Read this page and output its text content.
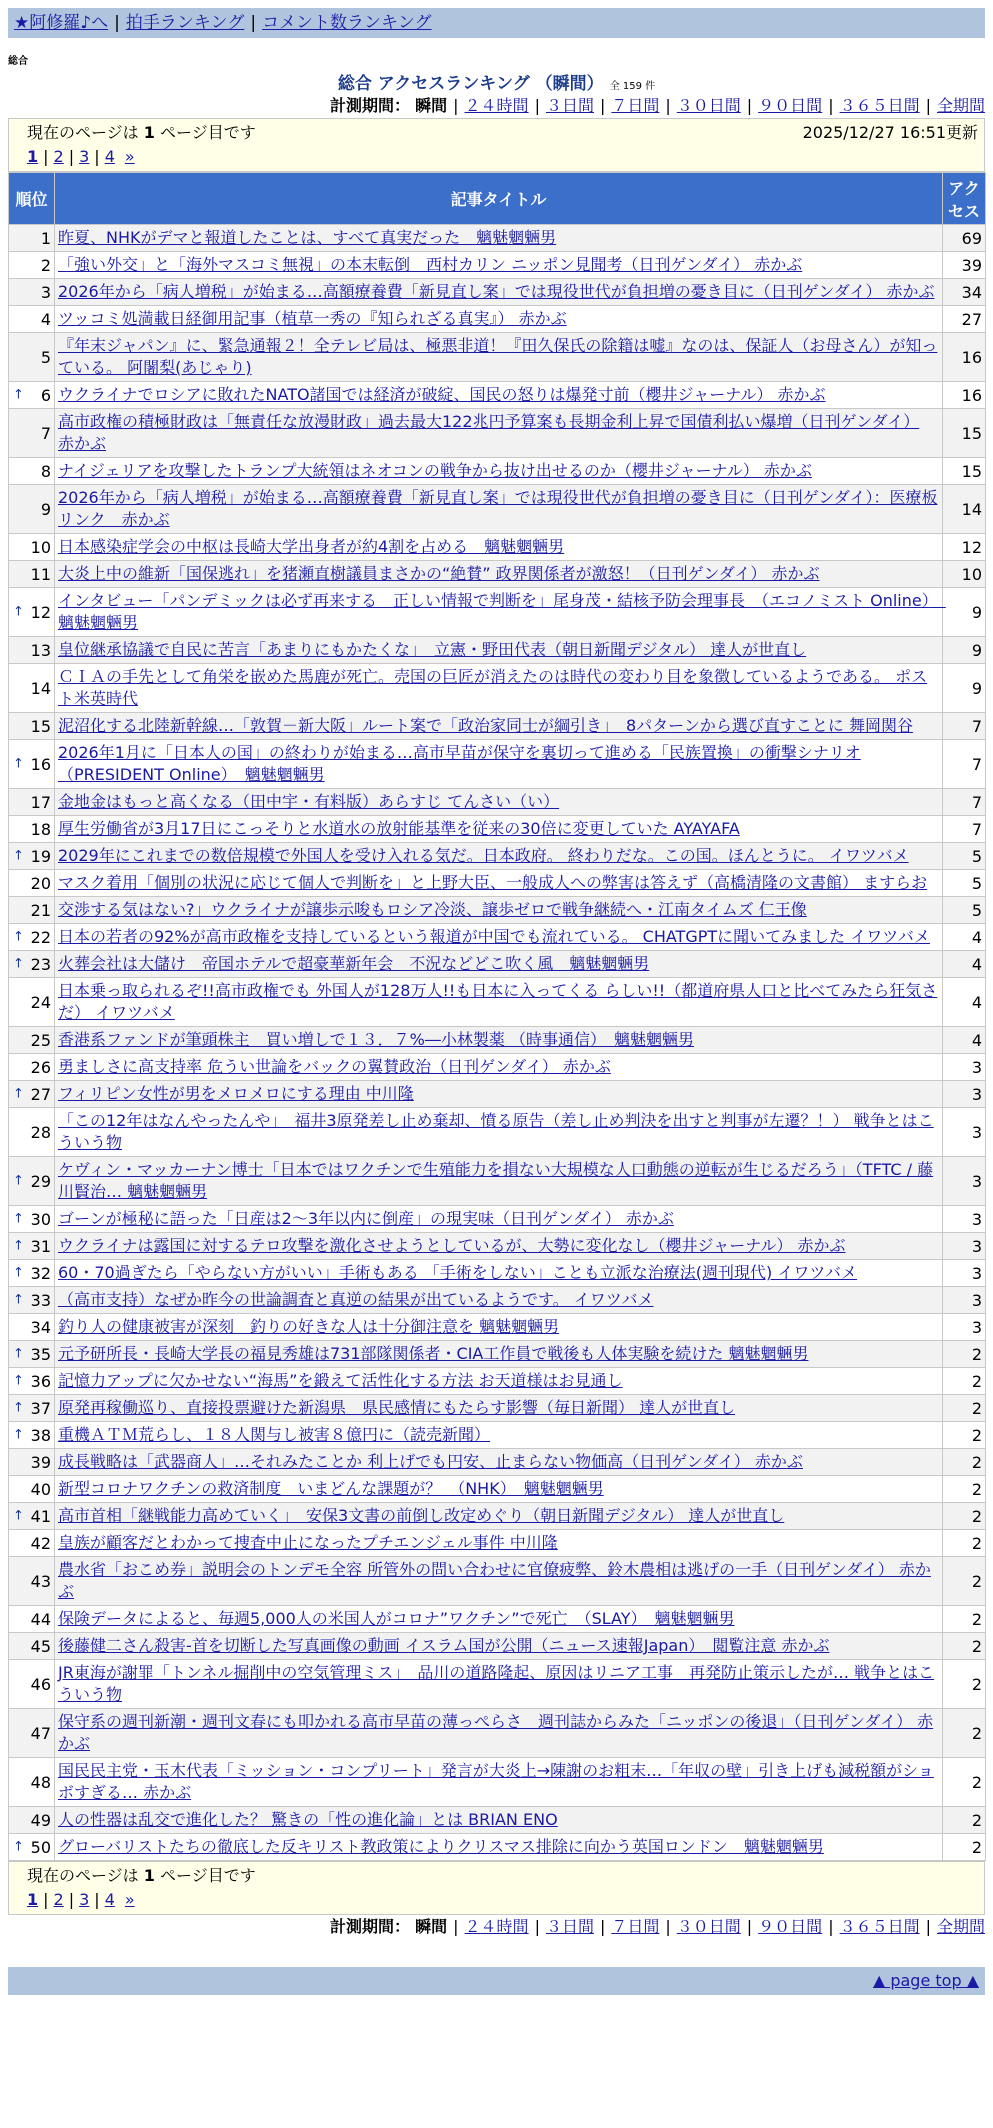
★阿修羅♪へ | 拍手ランキング | コメント数ランキング
総合
総合 アクセスランキング （瞬間） 全 159 件
計測期間： 瞬間 | ２４時間 | ３日間 | ７日間 | ３０日間 | ９０日間 | ３６５日間 | 全期間
現在のページは 1 ページ目です	2025/12/27 16:51更新
1 | 2 | 3 | 4 »
順位	記事タイトル	アクセス
1	昨夏、NHKがデマと報道したことは、すべて真実だった　魑魅魍魎男	69
2	「強い外交」と「海外マスコミ無視」の本末転倒　西村カリン ニッポン見聞考（日刊ゲンダイ） 赤かぶ	39
3	2026年から「病人増税」が始まる…高額療養費「新見直し案」では現役世代が負担増の憂き目に（日刊ゲンダイ） 赤かぶ	34
4	ツッコミ処満載日経御用記事（植草一秀の『知られざる真実』） 赤かぶ	27
5	『年末ジャパン』に、緊急通報２！全テレビ局は、極悪非道！『田久保氏の除籍は嘘』なのは、保証人（お母さん）が知っている。 阿闍梨(あじゃり)	16

↑ 6	ウクライナでロシアに敗れたNATO諸国では経済が破綻、国民の怒りは爆発寸前（櫻井ジャーナル） 赤かぶ	16
7	高市政権の積極財政は「無責任な放漫財政」過去最大122兆円予算案も長期金利上昇で国債利払い爆増（日刊ゲンダイ） 赤かぶ	15
8	ナイジェリアを攻撃したトランプ大統領はネオコンの戦争から抜け出せるのか（櫻井ジャーナル） 赤かぶ	15
9	2026年から「病人増税」が始まる…高額療養費「新見直し案」では現役世代が負担増の憂き目に（日刊ゲンダイ）：医療板リンク　赤かぶ	14
10	日本感染症学会の中枢は長崎大学出身者が約4割を占める　魑魅魍魎男	12
11	大炎上中の維新「国保逃れ」を猪瀬直樹議員まさかの“絶賛” 政界関係者が激怒！（日刊ゲンダイ） 赤かぶ	10

↑ 12	インタビュー「パンデミックは必ず再来する　正しい情報で判断を」尾身茂・結核予防会理事長　（エコノミスト Online）　魑魅魍魎男	9
13	皇位継承協議で自民に苦言「あまりにもかたくな」　立憲・野田代表（朝日新聞デジタル） 達人が世直し	9
14	ＣＩＡの手先として角栄を嵌めた馬鹿が死亡。売国の巨匠が消えたのは時代の変わり目を象徴しているようである。 ポスト米英時代	9
15	泥沼化する北陸新幹線…「敦賀－新大阪」ルート案で「政治家同士が綱引き」　8パターンから選び直すことに 舞岡関谷	7

↑ 16	2026年1月に「日本人の国」の終わりが始まる…高市早苗が保守を裏切って進める「民族置換」の衝撃シナリオ （PRESIDENT Online）　魑魅魍魎男	7
17	金地金はもっと高くなる（田中宇・有料版）あらすじ てんさい（い）	7
18	厚生労働省が3月17日にこっそりと水道水の放射能基準を従来の30倍に変更していた AYAYAFA	7

↑ 19	2029年にこれまでの数倍規模で外国人を受け入れる気だ。日本政府。 終わりだな。この国。ほんとうに。 イワツバメ	5
20	マスク着用「個別の状況に応じて個人で判断を」と上野大臣、一般成人への弊害は答えず（高橋清隆の文書館） ますらお	5
21	交渉する気はない?」ウクライナが譲歩示唆もロシア冷淡、譲歩ゼロで戦争継続へ・江南タイムズ 仁王像	5

↑ 22	日本の若者の92%が高市政権を支持しているという報道が中国でも流れている。 CHATGPTに聞いてみました イワツバメ	4

↑ 23	火葬会社は大儲け　帝国ホテルで超豪華新年会　不況などどこ吹く風　魑魅魍魎男	4
24	日本乗っ取られるぞ!!高市政権でも 外国人が128万人!!も日本に入ってくる らしい!!（都道府県人口と比べてみたら狂気さだ） イワツバメ	4
25	香港系ファンドが筆頭株主　買い増しで１３．７%―小林製薬 （時事通信）　魑魅魍魎男	4
26	勇ましさに高支持率 危うい世論をバックの翼賛政治（日刊ゲンダイ） 赤かぶ	3

↑ 27	フィリピン女性が男をメロメロにする理由 中川隆	3
28	「この12年はなんやったんや」　福井3原発差し止め棄却、憤る原告（差し止め判決を出すと判事が左遷？！） 戦争とはこういう物	3

↑ 29	ケヴィン・マッカーナン博士「日本ではワクチンで生殖能力を損ない大規模な人口動態の逆転が生じるだろう」（TFTC / 藤川賢治… 魑魅魍魎男	3

↑ 30	ゴーンが極秘に語った「日産は2〜3年以内に倒産」の現実味（日刊ゲンダイ） 赤かぶ	3

↑ 31	ウクライナは露国に対するテロ攻撃を激化させようとしているが、大勢に変化なし（櫻井ジャーナル） 赤かぶ	3

↑ 32	60・70過ぎたら「やらない方がいい」手術もある 「手術をしない」ことも立派な治療法(週刊現代) イワツバメ	3

↑ 33	（高市支持）なぜか昨今の世論調査と真逆の結果が出ているようです。 イワツバメ	3
34	釣り人の健康被害が深刻　釣りの好きな人は十分御注意を 魑魅魍魎男	3

↑ 35	元予研所長・長崎大学長の福見秀雄は731部隊関係者・CIA工作員で戦後も人体実験を続けた 魑魅魍魎男	2

↑ 36	記憶力アップに欠かせない“海馬”を鍛えて活性化する方法 お天道様はお見通し	2

↑ 37	原発再稼働巡り、直接投票避けた新潟県　県民感情にもたらす影響（毎日新聞） 達人が世直し	2

↑ 38	重機ＡＴＭ荒らし、１８人関与し被害８億円に（読売新聞）	2
39	成長戦略は「武器商人」…それみたことか 利上げでも円安、止まらない物価高（日刊ゲンダイ） 赤かぶ	2
40	新型コロナワクチンの救済制度　いまどんな課題が？　（NHK）　魑魅魍魎男	2

↑ 41	高市首相「継戦能力高めていく」　安保3文書の前倒し改定めぐり（朝日新聞デジタル） 達人が世直し	2
42	皇族が顧客だとわかって捜査中止になったプチエンジェル事件 中川隆	2
43	農水省「おこめ券」説明会のトンデモ全容 所管外の問い合わせに官僚疲弊、鈴木農相は逃げの一手（日刊ゲンダイ） 赤かぶ	2
44	保険データによると、毎週5,000人の米国人がコロナ”ワクチン”で死亡　（SLAY）　魑魅魍魎男	2
45	後藤健二さん殺害-首を切断した写真画像の動画 イスラム国が公開（ニュース速報Japan）　閲覧注意 赤かぶ	2
46	JR東海が謝罪「トンネル掘削中の空気管理ミス」　品川の道路隆起、原因はリニア工事　再発防止策示したが… 戦争とはこういう物	2
47	保守系の週刊新潮・週刊文春にも叩かれる高市早苗の薄っぺらさ　週刊誌からみた「ニッポンの後退」（日刊ゲンダイ） 赤かぶ	2
48	国民民主党・玉木代表「ミッション・コンプリート」発言が大炎上→陳謝のお粗末…「年収の壁」引き上げも減税額がショボすぎる… 赤かぶ	2
49	人の性器は乱交で進化した？ 驚きの「性の進化論」とは BRIAN ENO	2

↑ 50	グローバリストたちの徹底した反キリスト教政策によりクリスマス排除に向かう英国ロンドン　魑魅魍魎男	2
現在のページは 1 ページ目です
1 | 2 | 3 | 4 »
計測期間： 瞬間 | ２４時間 | ３日間 | ７日間 | ３０日間 | ９０日間 | ３６５日間 | 全期間
▲ page top ▲
